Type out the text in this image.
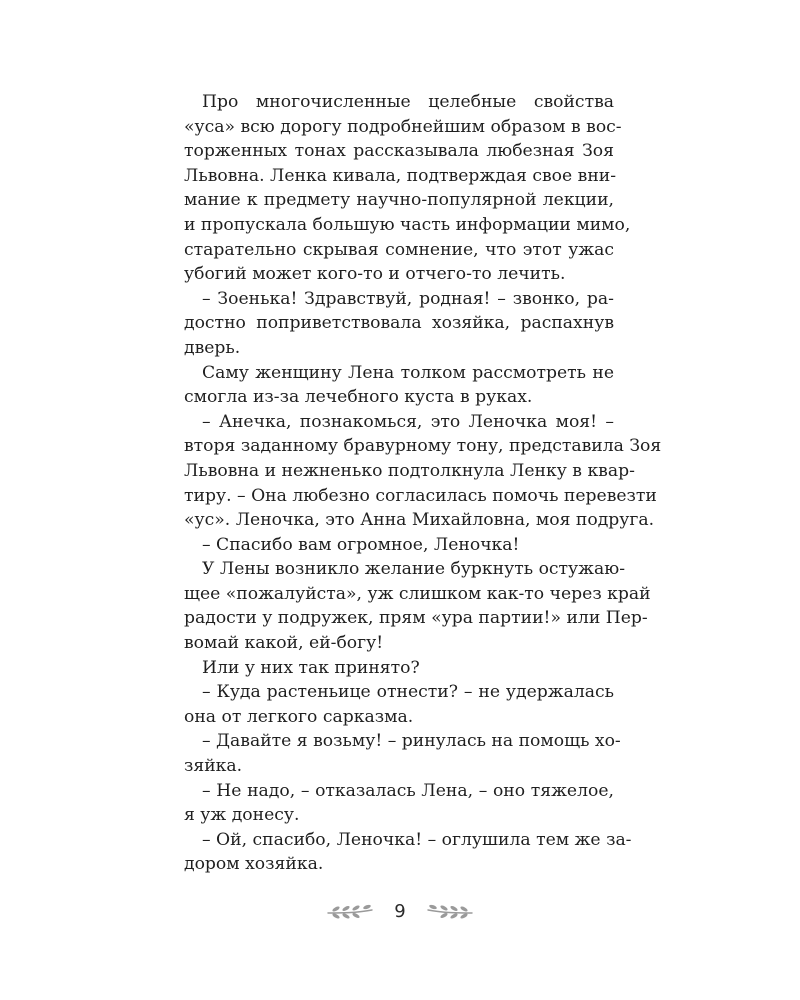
Про многочисленные целебные свойства
«уса» всю дорогу подробнейшим образом в вос-
торженных тонах рассказывала любезная Зоя
Львовна. Ленка кивала, подтверждая свое вни-
мание к предмету научно-популярной лекции,
и пропускала большую часть информации мимо,
старательно скрывая сомнение, что этот ужас
убогий может кого-то и отчего-то лечить.
– Зоенька! Здравствуй, родная! – звонко, ра-
достно поприветствовала хозяйка, распахнув
дверь.
Саму женщину Лена толком рассмотреть не
смогла из-за лечебного куста в руках.
– Анечка, познакомься, это Леночка моя! –
вторя заданному бравурному тону, представила Зоя
Львовна и нежненько подтолкнула Ленку в квар-
тиру. – Она любезно согласилась помочь перевезти
«ус». Леночка, это Анна Михайловна, моя подруга.
– Спасибо вам огромное, Леночка!
У Лены возникло желание буркнуть остужаю-
щее «пожалуйста», уж слишком как-то через край
радости у подружек, прям «ура партии!» или Пер-
вомай какой, ей-богу!
Или у них так принято?
– Куда растеньице отнести? – не удержалась
она от легкого сарказма.
– Давайте я возьму! – ринулась на помощь хо-
зяйка.
– Не надо, – отказалась Лена, – оно тяжелое,
я уж донесу.
– Ой, спасибо, Леночка! – оглушила тем же за-
дором хозяйка.
9
